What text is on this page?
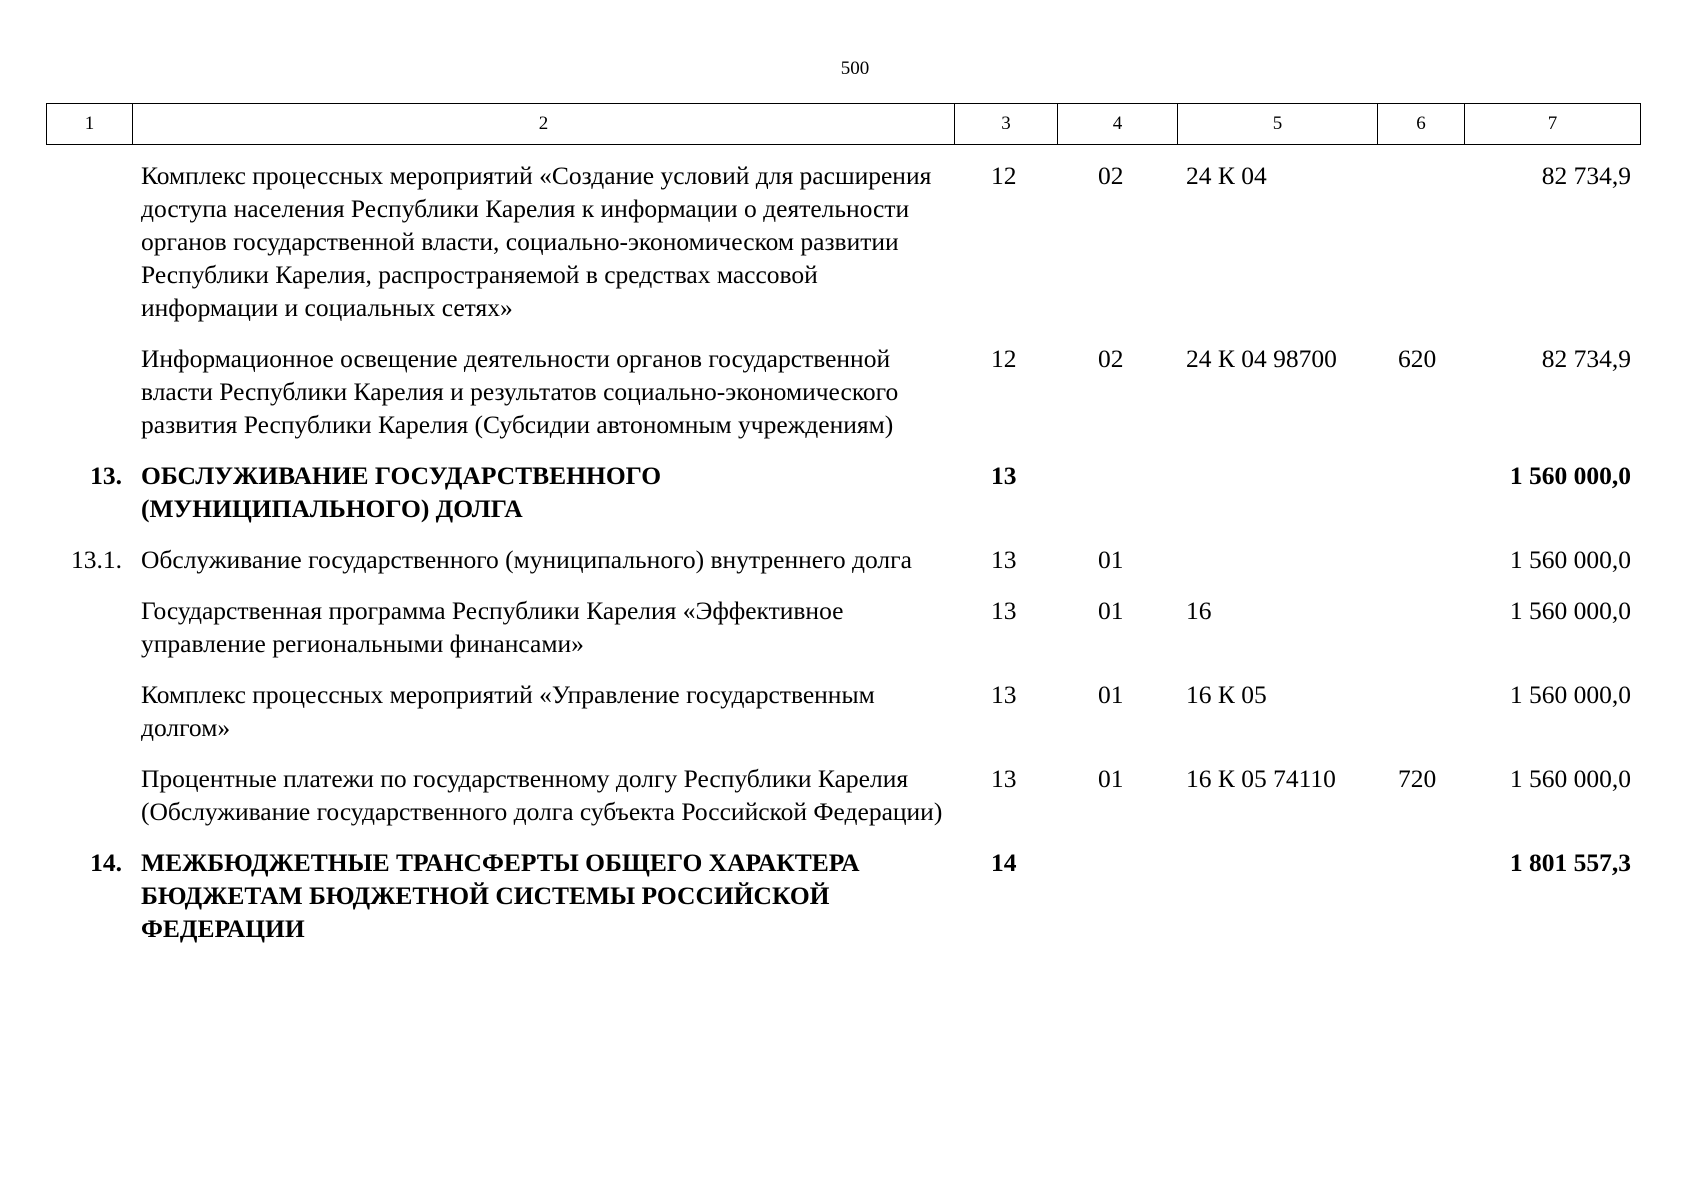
500
1	2	3	4	5	6	7
	Комплекс процессных мероприятий «Создание условий для расширения доступа населения Республики Карелия к информации о деятельности органов государственной власти, социально-экономическом развитии Республики Карелия, распространяемой в средствах массовой информации и социальных сетях»	12	02	24 К 04		82 734,9
	Информационное освещение деятельности органов государственной власти Республики Карелия и результатов социально-экономического развития Республики Карелия (Субсидии автономным учреждениям)	12	02	24 К 04 98700	620	82 734,9
13.	ОБСЛУЖИВАНИЕ ГОСУДАРСТВЕННОГО (МУНИЦИПАЛЬНОГО) ДОЛГА	13				1 560 000,0
13.1.	Обслуживание государственного (муниципального) внутреннего долга	13	01			1 560 000,0
	Государственная программа Республики Карелия «Эффективное управление региональными финансами»	13	01	16		1 560 000,0
	Комплекс процессных мероприятий «Управление государственным долгом»	13	01	16 К 05		1 560 000,0
	Процентные платежи по государственному долгу Республики Карелия (Обслуживание государственного долга субъекта Российской Федерации)	13	01	16 К 05 74110	720	1 560 000,0
14.	МЕЖБЮДЖЕТНЫЕ ТРАНСФЕРТЫ ОБЩЕГО ХАРАКТЕРА БЮДЖЕТАМ БЮДЖЕТНОЙ СИСТЕМЫ РОССИЙСКОЙ ФЕДЕРАЦИИ	14				1 801 557,3
